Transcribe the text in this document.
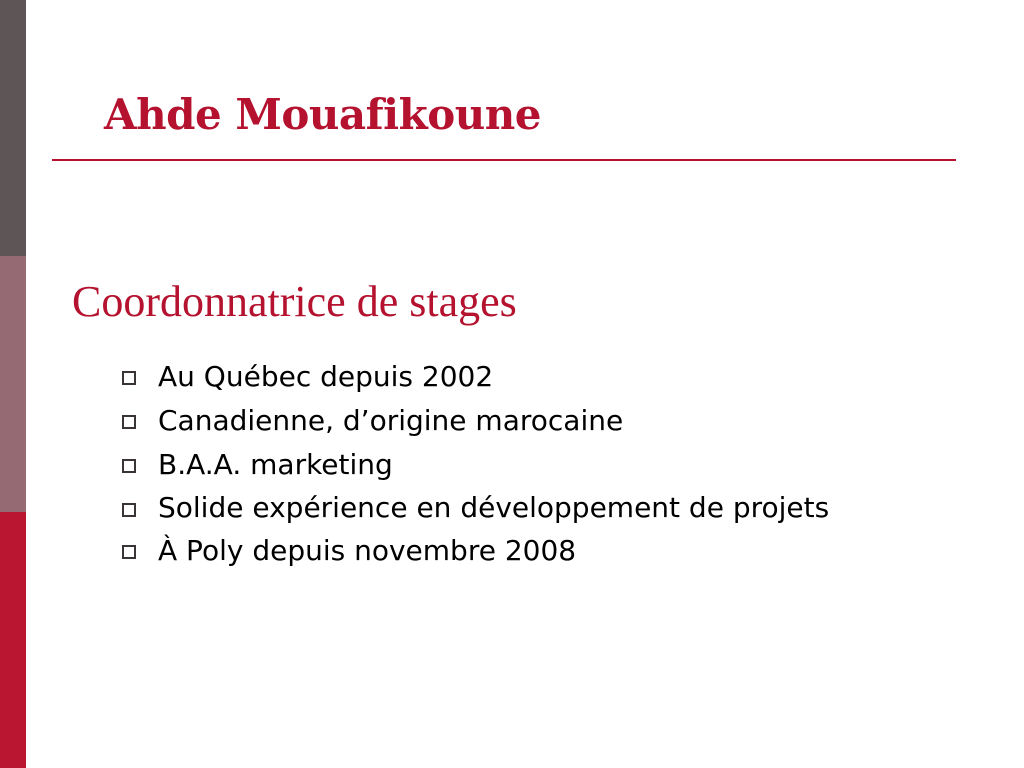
Ahde Mouafikoune
Coordonnatrice de stages
Au Québec depuis 2002
Canadienne, d’origine marocaine
B.A.A. marketing
Solide expérience en développement de projets
À Poly depuis novembre 2008
